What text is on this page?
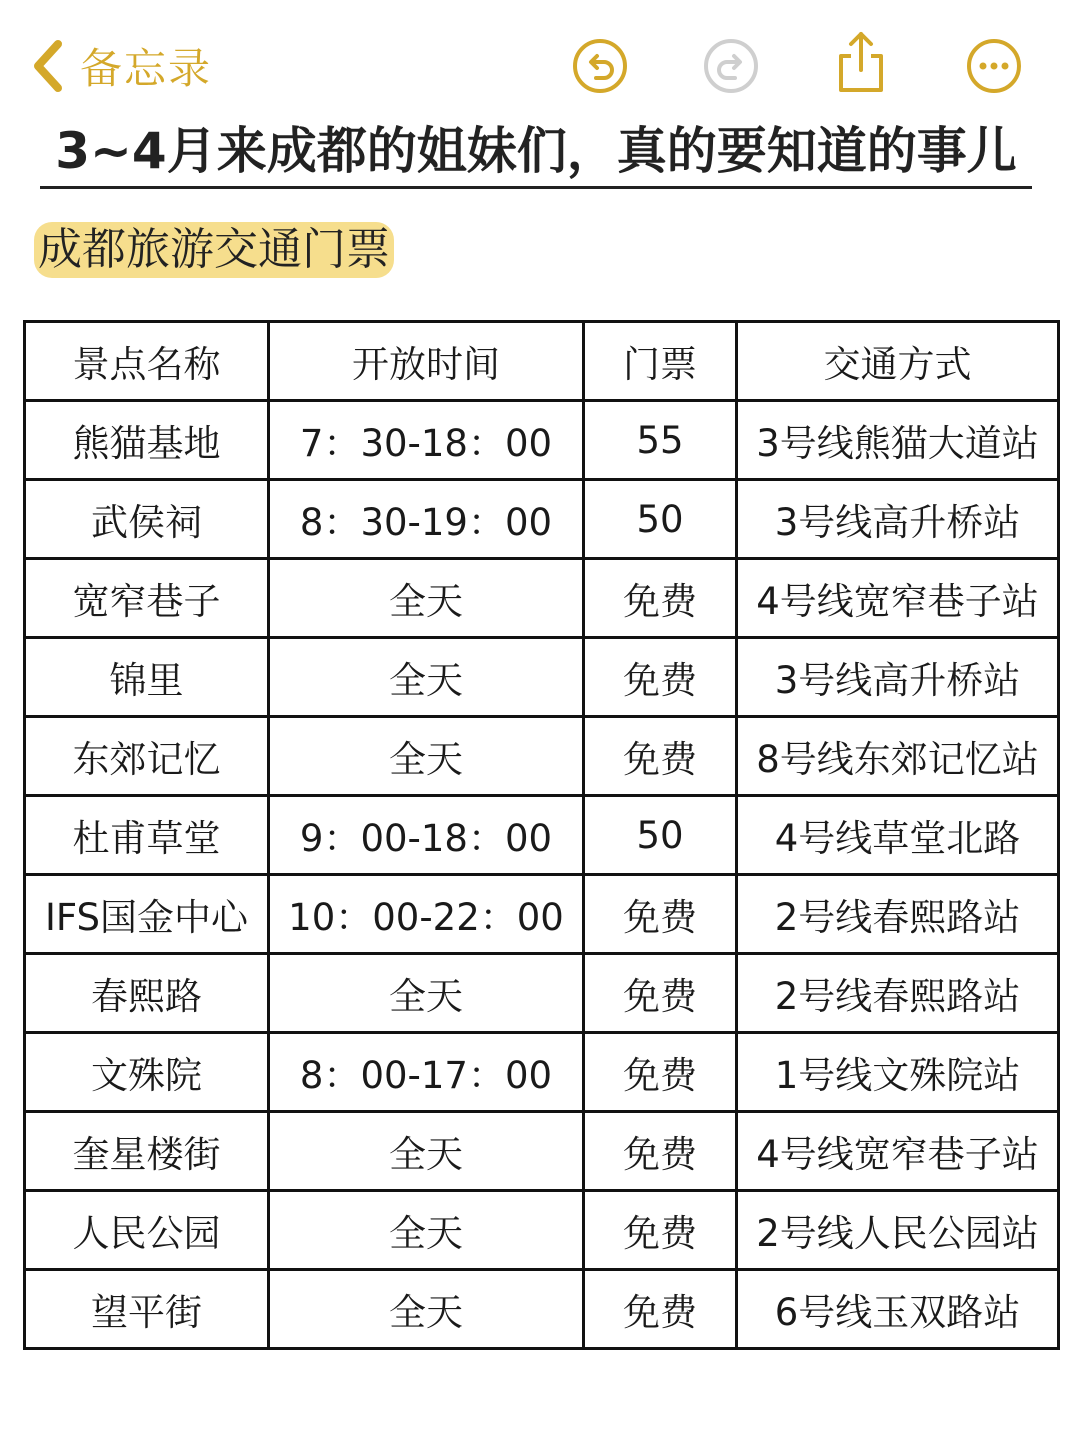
备忘录
3~4月来成都的姐妹们，真的要知道的事儿
成都旅游交通门票
景点名称	开放时间	门票	交通方式
熊猫基地	7：30-18：00	55	3号线熊猫大道站
武侯祠	8：30-19：00	50	3号线高升桥站
宽窄巷子	全天	免费	4号线宽窄巷子站
锦里	全天	免费	3号线高升桥站
东郊记忆	全天	免费	8号线东郊记忆站
杜甫草堂	9：00-18：00	50	4号线草堂北路
IFS国金中心	10：00-22：00	免费	2号线春熙路站
春熙路	全天	免费	2号线春熙路站
文殊院	8：00-17：00	免费	1号线文殊院站
奎星楼街	全天	免费	4号线宽窄巷子站
人民公园	全天	免费	2号线人民公园站
望平街	全天	免费	6号线玉双路站
